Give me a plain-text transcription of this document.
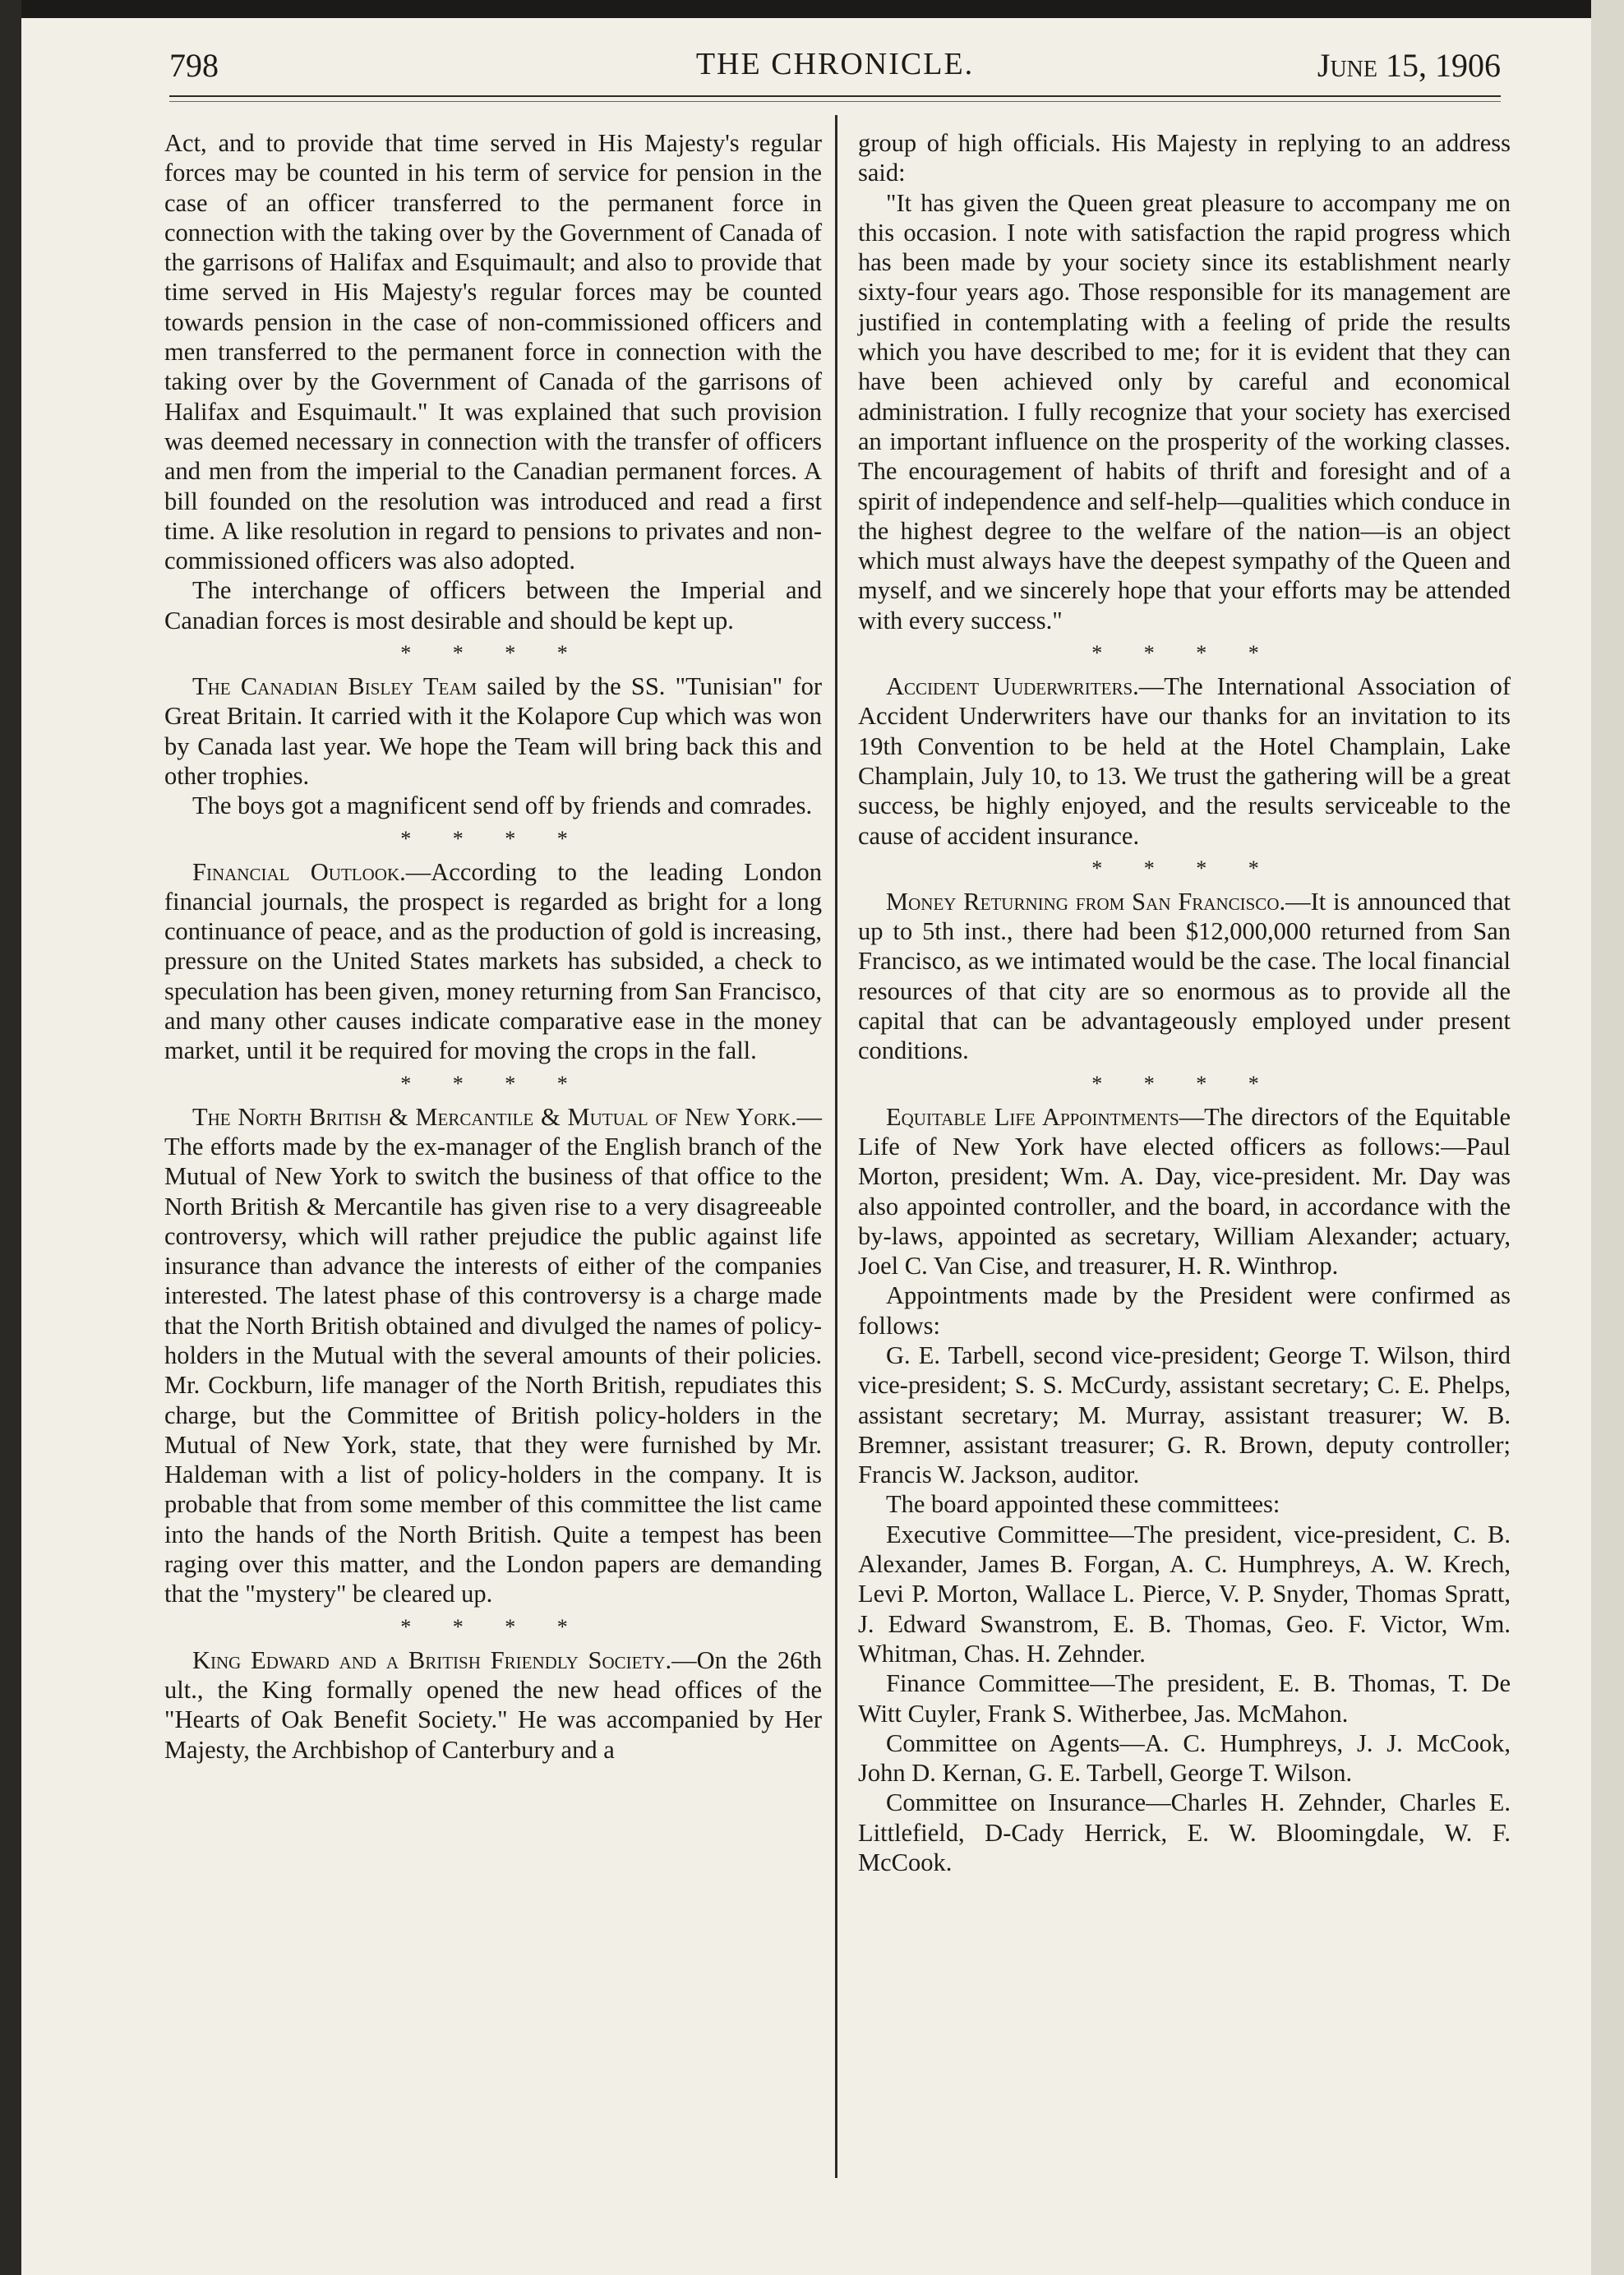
798	THE CHRONICLE.	June 15, 1906

Act, and to provide that time served in His Majesty's regular forces may be counted in his term of service for pension in the case of an officer transferred to the permanent force in connection with the taking over by the Government of Canada of the garrisons of Halifax and Esquimault; and also to provide that time served in His Majesty's regular forces may be counted towards pension in the case of non-commissioned officers and men transferred to the permanent force in connection with the taking over by the Government of Canada of the garrisons of Halifax and Esquimault." It was explained that such provision was deemed necessary in connection with the transfer of officers and men from the imperial to the Canadian permanent forces. A bill founded on the resolution was introduced and read a first time. A like resolution in regard to pensions to privates and non-commissioned officers was also adopted.

The interchange of officers between the Imperial and Canadian forces is most desirable and should be kept up.

* * * *

The Canadian Bisley Team sailed by the SS. "Tunisian" for Great Britain. It carried with it the Kolapore Cup which was won by Canada last year. We hope the Team will bring back this and other trophies.

The boys got a magnificent send off by friends and comrades.

* * * *

Financial Outlook.—According to the leading London financial journals, the prospect is regarded as bright for a long continuance of peace, and as the production of gold is increasing, pressure on the United States markets has subsided, a check to speculation has been given, money returning from San Francisco, and many other causes indicate comparative ease in the money market, until it be required for moving the crops in the fall.

* * * *

The North British & Mercantile & Mutual of New York.—The efforts made by the ex-manager of the English branch of the Mutual of New York to switch the business of that office to the North British & Mercantile has given rise to a very disagreeable controversy, which will rather prejudice the public against life insurance than advance the interests of either of the companies interested. The latest phase of this controversy is a charge made that the North British obtained and divulged the names of policy-holders in the Mutual with the several amounts of their policies. Mr. Cockburn, life manager of the North British, repudiates this charge, but the Committee of British policy-holders in the Mutual of New York, state, that they were furnished by Mr. Haldeman with a list of policy-holders in the company. It is probable that from some member of this committee the list came into the hands of the North British. Quite a tempest has been raging over this matter, and the London papers are demanding that the "mystery" be cleared up.

* * * *

King Edward and a British Friendly Society.—On the 26th ult., the King formally opened the new head offices of the "Hearts of Oak Benefit Society." He was accompanied by Her Majesty, the Archbishop of Canterbury and a

group of high officials. His Majesty in replying to an address said:

"It has given the Queen great pleasure to accompany me on this occasion. I note with satisfaction the rapid progress which has been made by your society since its establishment nearly sixty-four years ago. Those responsible for its management are justified in contemplating with a feeling of pride the results which you have described to me; for it is evident that they can have been achieved only by careful and economical administration. I fully recognize that your society has exercised an important influence on the prosperity of the working classes. The encouragement of habits of thrift and foresight and of a spirit of independence and self-help—qualities which conduce in the highest degree to the welfare of the nation—is an object which must always have the deepest sympathy of the Queen and myself, and we sincerely hope that your efforts may be attended with every success."

* * * *

Accident Uuderwriters.—The International Association of Accident Underwriters have our thanks for an invitation to its 19th Convention to be held at the Hotel Champlain, Lake Champlain, July 10, to 13. We trust the gathering will be a great success, be highly enjoyed, and the results serviceable to the cause of accident insurance.

* * * *

Money Returning from San Francisco.—It is announced that up to 5th inst., there had been $12,000,000 returned from San Francisco, as we intimated would be the case. The local financial resources of that city are so enormous as to provide all the capital that can be advantageously employed under present conditions.

* * * *

Equitable Life Appointments—The directors of the Equitable Life of New York have elected officers as follows:—Paul Morton, president; Wm. A. Day, vice-president. Mr. Day was also appointed controller, and the board, in accordance with the by-laws, appointed as secretary, William Alexander; actuary, Joel C. Van Cise, and treasurer, H. R. Winthrop.

Appointments made by the President were confirmed as follows:

G. E. Tarbell, second vice-president; George T. Wilson, third vice-president; S. S. McCurdy, assistant secretary; C. E. Phelps, assistant secretary; M. Murray, assistant treasurer; W. B. Bremner, assistant treasurer; G. R. Brown, deputy controller; Francis W. Jackson, auditor.

The board appointed these committees:

Executive Committee—The president, vice-president, C. B. Alexander, James B. Forgan, A. C. Humphreys, A. W. Krech, Levi P. Morton, Wallace L. Pierce, V. P. Snyder, Thomas Spratt, J. Edward Swanstrom, E. B. Thomas, Geo. F. Victor, Wm. Whitman, Chas. H. Zehnder.

Finance Committee—The president, E. B. Thomas, T. De Witt Cuyler, Frank S. Witherbee, Jas. McMahon.

Committee on Agents—A. C. Humphreys, J. J. McCook, John D. Kernan, G. E. Tarbell, George T. Wilson.

Committee on Insurance—Charles H. Zehnder, Charles E. Littlefield, D-Cady Herrick, E. W. Bloomingdale, W. F. McCook.
